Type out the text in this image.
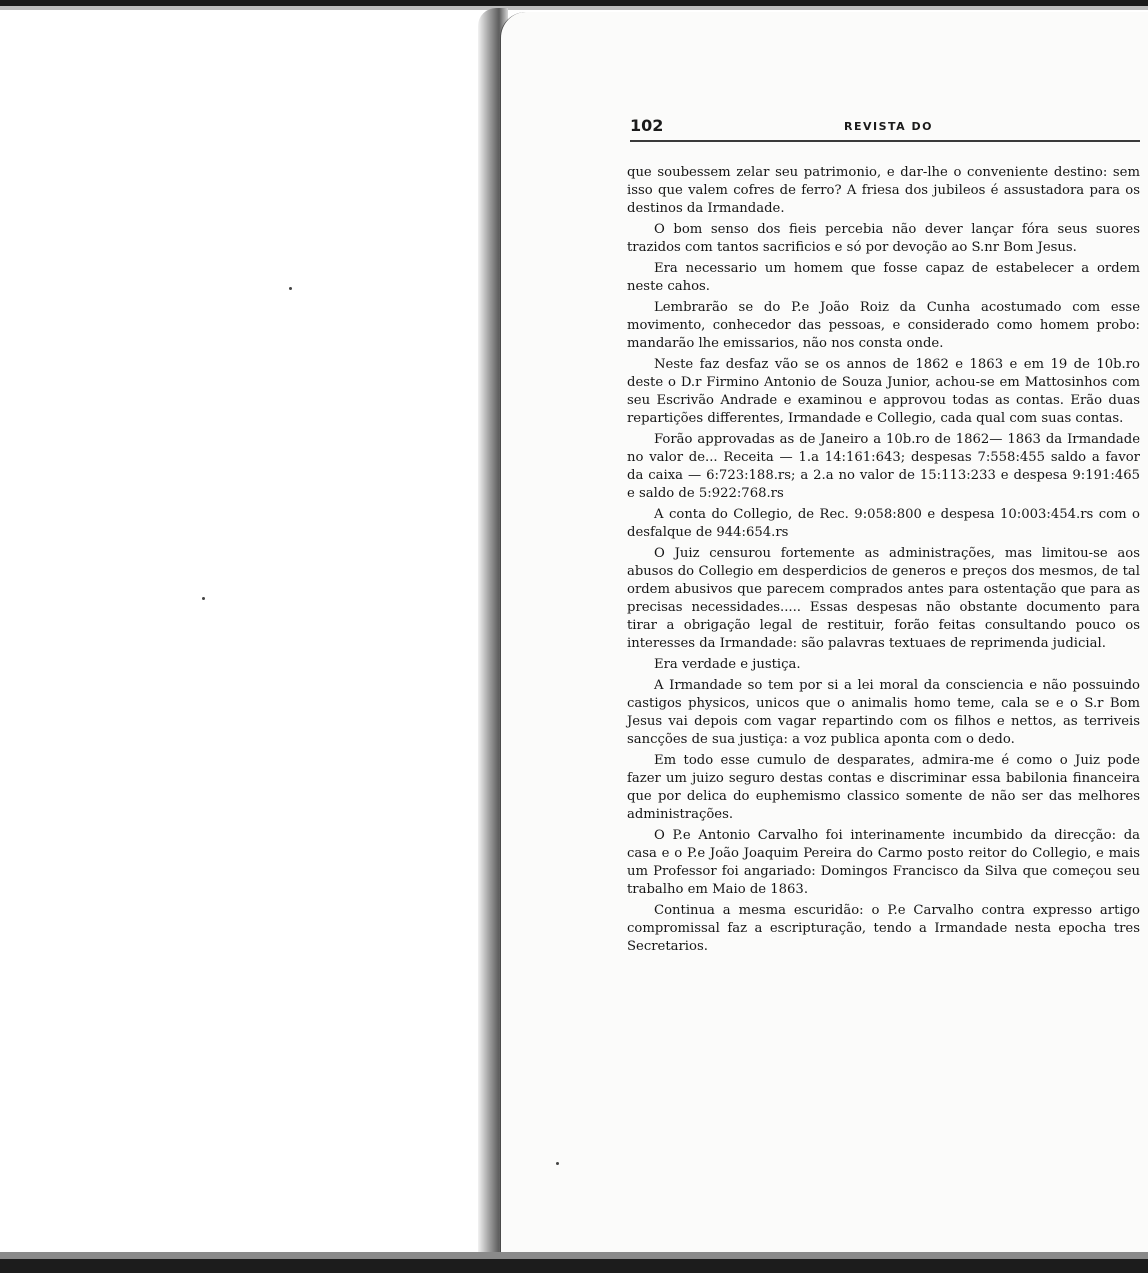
102	REVISTA DO

que soubessem zelar seu patrimonio, e dar-lhe o conveniente destino: sem isso que valem cofres de ferro? A friesa dos jubileos é assustadora para os destinos da Irmandade.

O bom senso dos fieis percebia não dever lançar fóra seus suores trazidos com tantos sacrificios e só por devoção ao S.nr Bom Jesus.

Era necessario um homem que fosse capaz de estabelecer a ordem neste cahos.

Lembrarão se do P.e João Roiz da Cunha acostumado com esse movimento, conhecedor das pessoas, e considerado como homem probo: mandarão lhe emissarios, não nos consta onde.

Neste faz desfaz vão se os annos de 1862 e 1863 e em 19 de 10b.ro deste o D.r Firmino Antonio de Souza Junior, achou-se em Mattosinhos com seu Escrivão Andrade e examinou e approvou todas as contas. Erão duas repartições differentes, Irmandade e Collegio, cada qual com suas contas.

Forão approvadas as de Janeiro a 10b.ro de 1862— 1863 da Irmandade no valor de... Receita — 1.a 14:161:643; despesas 7:558:455 saldo a favor da caixa — 6:723:188.rs; a 2.a no valor de 15:113:233 e despesa 9:191:465 e saldo de 5:922:768.rs

A conta do Collegio, de Rec. 9:058:800 e despesa 10:003:454.rs com o desfalque de 944:654.rs

O Juiz censurou fortemente as administrações, mas limitou-se aos abusos do Collegio em desperdicios de generos e preços dos mesmos, de tal ordem abusivos que parecem comprados antes para ostentação que para as precisas necessidades..... Essas despesas não obstante documento para tirar a obrigação legal de restituir, forão feitas consultando pouco os interesses da Irmandade: são palavras textuaes de reprimenda judicial.

Era verdade e justiça.

A Irmandade so tem por si a lei moral da consciencia e não possuindo castigos physicos, unicos que o animalis homo teme, cala se e o S.r Bom Jesus vai depois com vagar repartindo com os filhos e nettos, as terriveis sancções de sua justiça: a voz publica aponta com o dedo.

Em todo esse cumulo de desparates, admira-me é como o Juiz pode fazer um juizo seguro destas contas e discriminar essa babilonia financeira que por delica do euphemismo classico somente de não ser das melhores administrações.

O P.e Antonio Carvalho foi interinamente incumbido da direcção: da casa e o P.e João Joaquim Pereira do Carmo posto reitor do Collegio, e mais um Professor foi angariado: Domingos Francisco da Silva que começou seu trabalho em Maio de 1863.

Continua a mesma escuridão: o P.e Carvalho contra expresso artigo compromissal faz a escripturação, tendo a Irmandade nesta epocha tres Secretarios.
